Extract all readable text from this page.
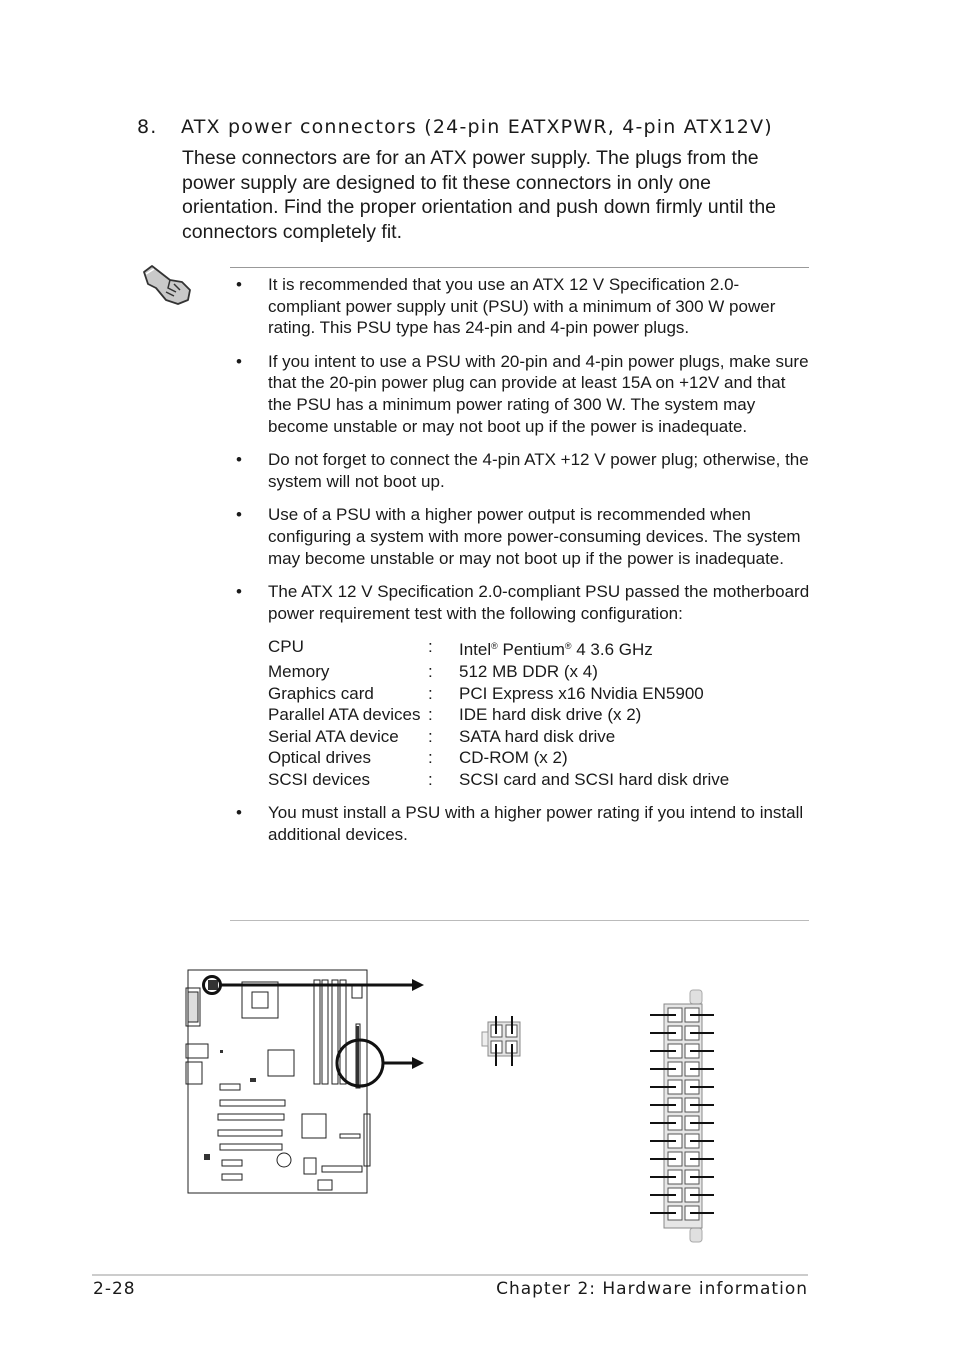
8. ATX power connectors (24-pin EATXPWR, 4-pin ATX12V)
These connectors are for an ATX power supply. The plugs from the power supply are designed to fit these connectors in only one orientation. Find the proper orientation and push down firmly until the connectors completely fit.
• It is recommended that you use an ATX 12 V Specification 2.0-compliant power supply unit (PSU) with a minimum of 300 W power rating. This PSU type has 24-pin and 4-pin power plugs.
• If you intent to use a PSU with 20-pin and 4-pin power plugs, make sure that the 20-pin power plug can provide at least 15A on +12V and that the PSU has a minimum power rating of 300 W. The system may become unstable or may not boot up if the power is inadequate.
• Do not forget to connect the 4-pin ATX +12 V power plug; otherwise, the system will not boot up.
• Use of a PSU with a higher power output is recommended when configuring a system with more power-consuming devices. The system may become unstable or may not boot up if the power is inadequate.
• The ATX 12 V Specification 2.0-compliant PSU passed the motherboard power requirement test with the following configuration:
CPU	:	Intel® Pentium® 4 3.6 GHz
Memory	:	512 MB DDR (x 4)
Graphics card	:	PCI Express x16 Nvidia EN5900
Parallel ATA devices :	IDE hard disk drive (x 2)
Serial ATA device	:	SATA hard disk drive
Optical drives	:	CD-ROM (x 2)
SCSI devices	:	SCSI card and SCSI hard disk drive
• You must install a PSU with a higher power rating if you intend to install additional devices.
2-28	Chapter 2: Hardware information
